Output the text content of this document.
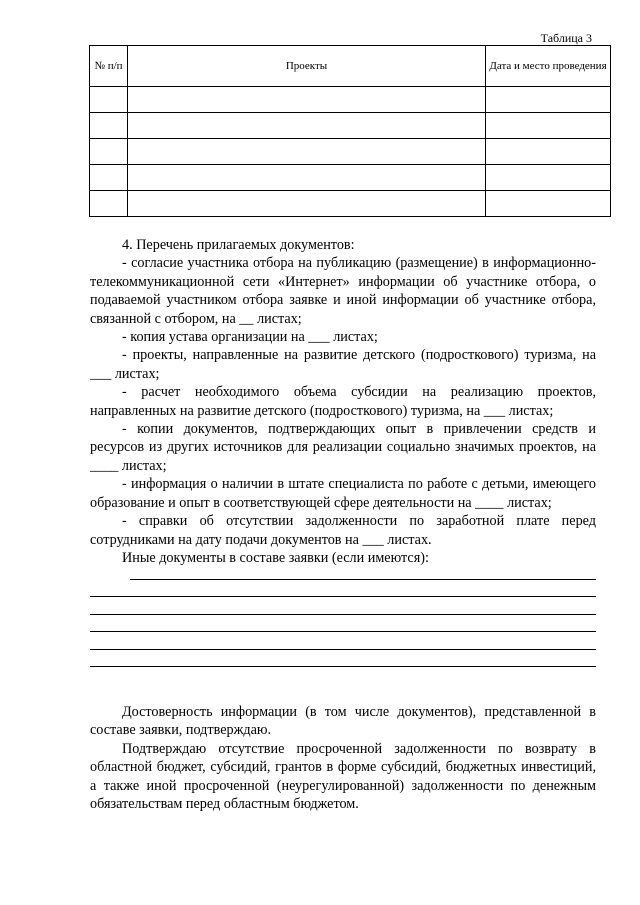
Таблица 3
№ п/п	Проекты	Дата и место проведения

4. Перечень прилагаемых документов:

- согласие участника отбора на публикацию (размещение) в информационно-телекоммуникационной сети «Интернет» информации об участнике отбора, о подаваемой участником отбора заявке и иной информации об участнике отбора, связанной с отбором, на __ листах;

- копия устава организации на ___ листах;

- проекты, направленные на развитие детского (подросткового) туризма, на ___ листах;

- расчет необходимого объема субсидии на реализацию проектов, направленных на развитие детского (подросткового) туризма, на ___ листах;

- копии документов, подтверждающих опыт в привлечении средств и ресурсов из других источников для реализации социально значимых проектов, на ____ листах;

- информация о наличии в штате специалиста по работе с детьми, имеющего образование и опыт в соответствующей сфере деятельности на ____ листах;

- справки об отсутствии задолженности по заработной плате перед сотрудниками на дату подачи документов на ___ листах.

Иные документы в составе заявки (если имеются):

Достоверность информации (в том числе документов), представленной в составе заявки, подтверждаю.

Подтверждаю отсутствие просроченной задолженности по возврату в областной бюджет, субсидий, грантов в форме субсидий, бюджетных инвестиций, а также иной просроченной (неурегулированной) задолженности по денежным обязательствам перед областным бюджетом.
